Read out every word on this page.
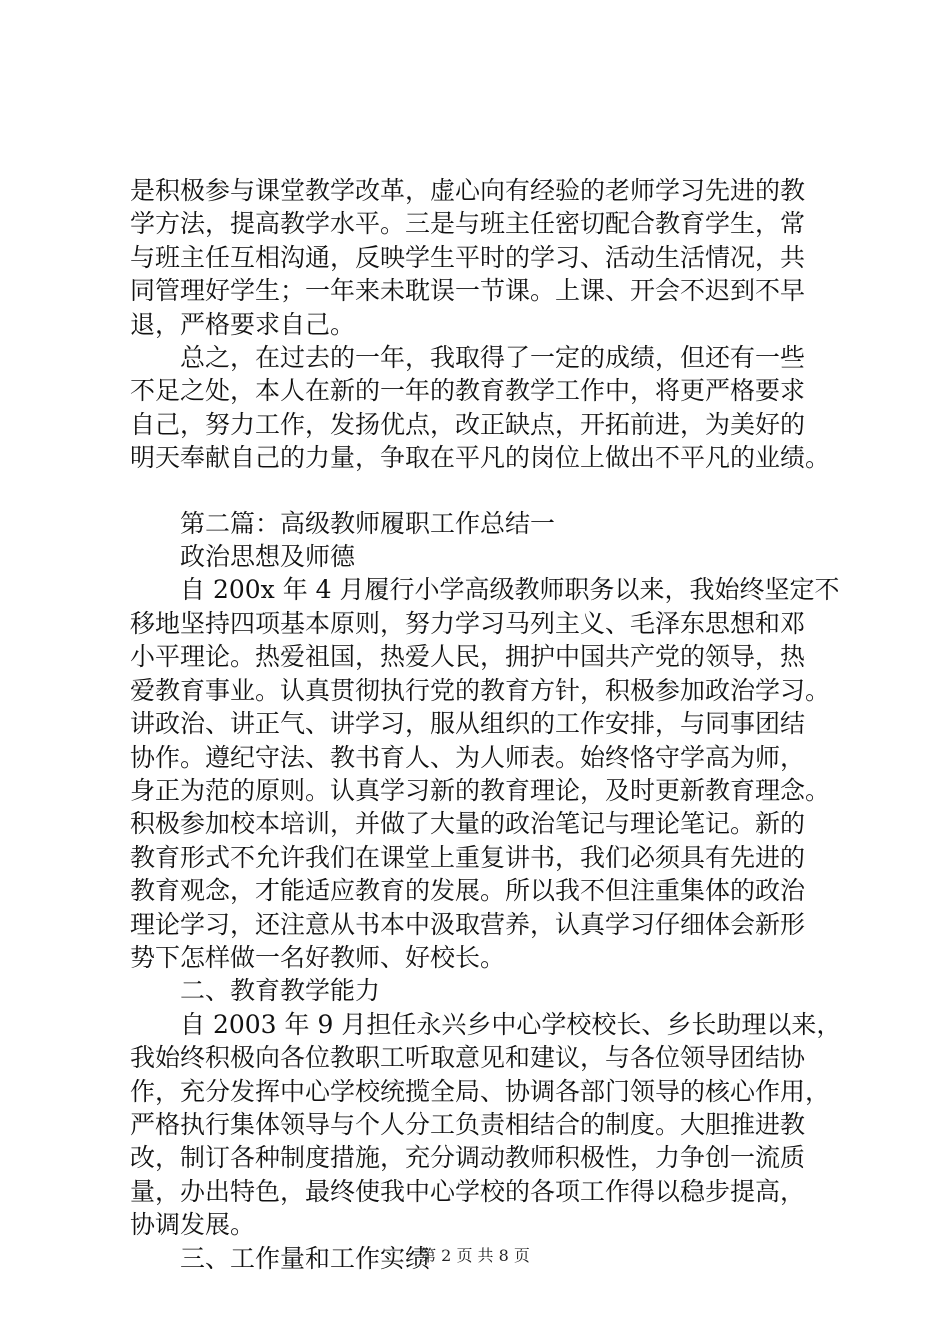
是积极参与课堂教学改革，虚心向有经验的老师学习先进的教

学方法，提高教学水平。三是与班主任密切配合教育学生，常

与班主任互相沟通，反映学生平时的学习、活动生活情况，共

同管理好学生；一年来未耽误一节课。上课、开会不迟到不早

退，严格要求自己。

总之，在过去的一年，我取得了一定的成绩，但还有一些

不足之处，本人在新的一年的教育教学工作中，将更严格要求

自己，努力工作，发扬优点，改正缺点，开拓前进，为美好的

明天奉献自己的力量，争取在平凡的岗位上做出不平凡的业绩。

第二篇：高级教师履职工作总结一

政治思想及师德

自 200x 年 4 月履行小学高级教师职务以来，我始终坚定不

移地坚持四项基本原则，努力学习马列主义、毛泽东思想和邓

小平理论。热爱祖国，热爱人民，拥护中国共产党的领导，热

爱教育事业。认真贯彻执行党的教育方针，积极参加政治学习。

讲政治、讲正气、讲学习，服从组织的工作安排，与同事团结

协作。遵纪守法、教书育人、为人师表。始终恪守学高为师，

身正为范的原则。认真学习新的教育理论，及时更新教育理念。

积极参加校本培训，并做了大量的政治笔记与理论笔记。新的

教育形式不允许我们在课堂上重复讲书，我们必须具有先进的

教育观念，才能适应教育的发展。所以我不但注重集体的政治

理论学习，还注意从书本中汲取营养，认真学习仔细体会新形

势下怎样做一名好教师、好校长。

二、教育教学能力

自 2003 年 9 月担任永兴乡中心学校校长、乡长助理以来，

我始终积极向各位教职工听取意见和建议，与各位领导团结协

作，充分发挥中心学校统揽全局、协调各部门领导的核心作用，

严格执行集体领导与个人分工负责相结合的制度。大胆推进教

改，制订各种制度措施，充分调动教师积极性，力争创一流质

量，办出特色，最终使我中心学校的各项工作得以稳步提高，

协调发展。

三、工作量和工作实绩

第 2 页 共 8 页
